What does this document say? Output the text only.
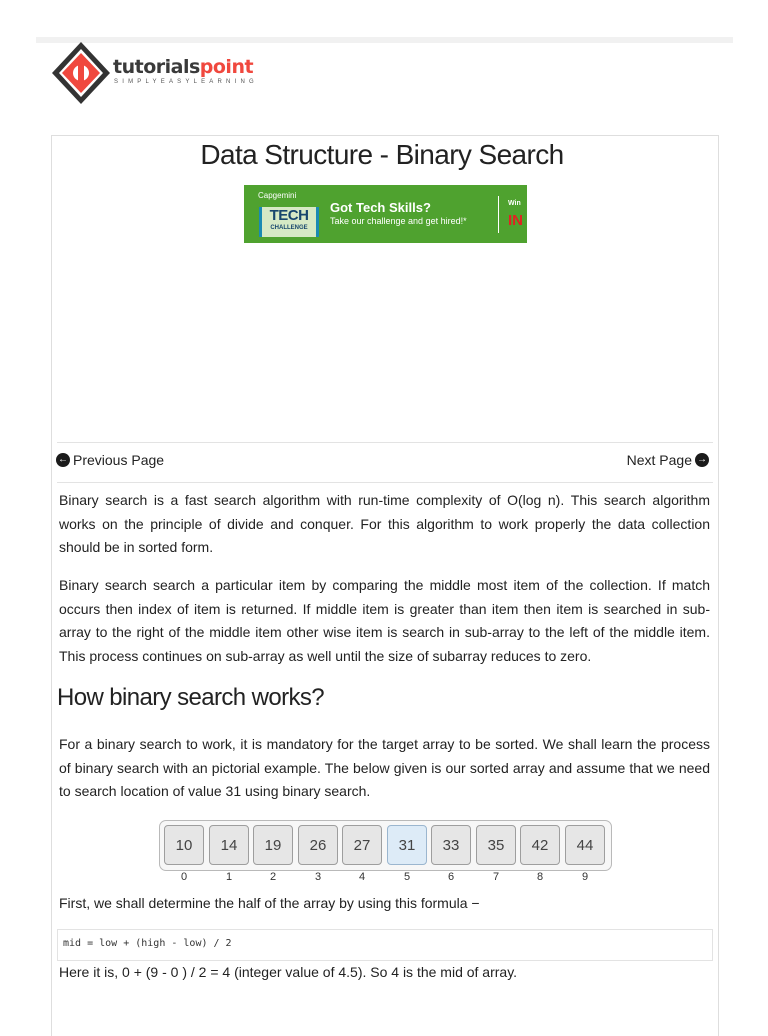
tutorialspoint
SIMPLYEASYLEARNING
Data Structure - Binary Search
Capgemini
TECH
CHALLENGE
Got Tech Skills?
Take our challenge and get hired!*
Win
IN
← Previous Page	Next Page →
Binary search is a fast search algorithm with run-time complexity of Ο(log n). This search algorithm works on the principle of divide and conquer. For this algorithm to work properly the data collection should be in sorted form.
Binary search search a particular item by comparing the middle most item of the collection. If match occurs then index of item is returned. If middle item is greater than item then item is searched in sub-array to the right of the middle item other wise item is search in sub-array to the left of the middle item. This process continues on sub-array as well until the size of subarray reduces to zero.
How binary search works?
For a binary search to work, it is mandatory for the target array to be sorted. We shall learn the process of binary search with an pictorial example. The below given is our sorted array and assume that we need to search location of value 31 using binary search.
10	14	19	26	27	31	33	35	42	44
0	1	2	3	4	5	6	7	8	9
First, we shall determine the half of the array by using this formula −
mid = low + (high - low) / 2
Here it is, 0 + (9 - 0 ) / 2 = 4 (integer value of 4.5). So 4 is the mid of array.
